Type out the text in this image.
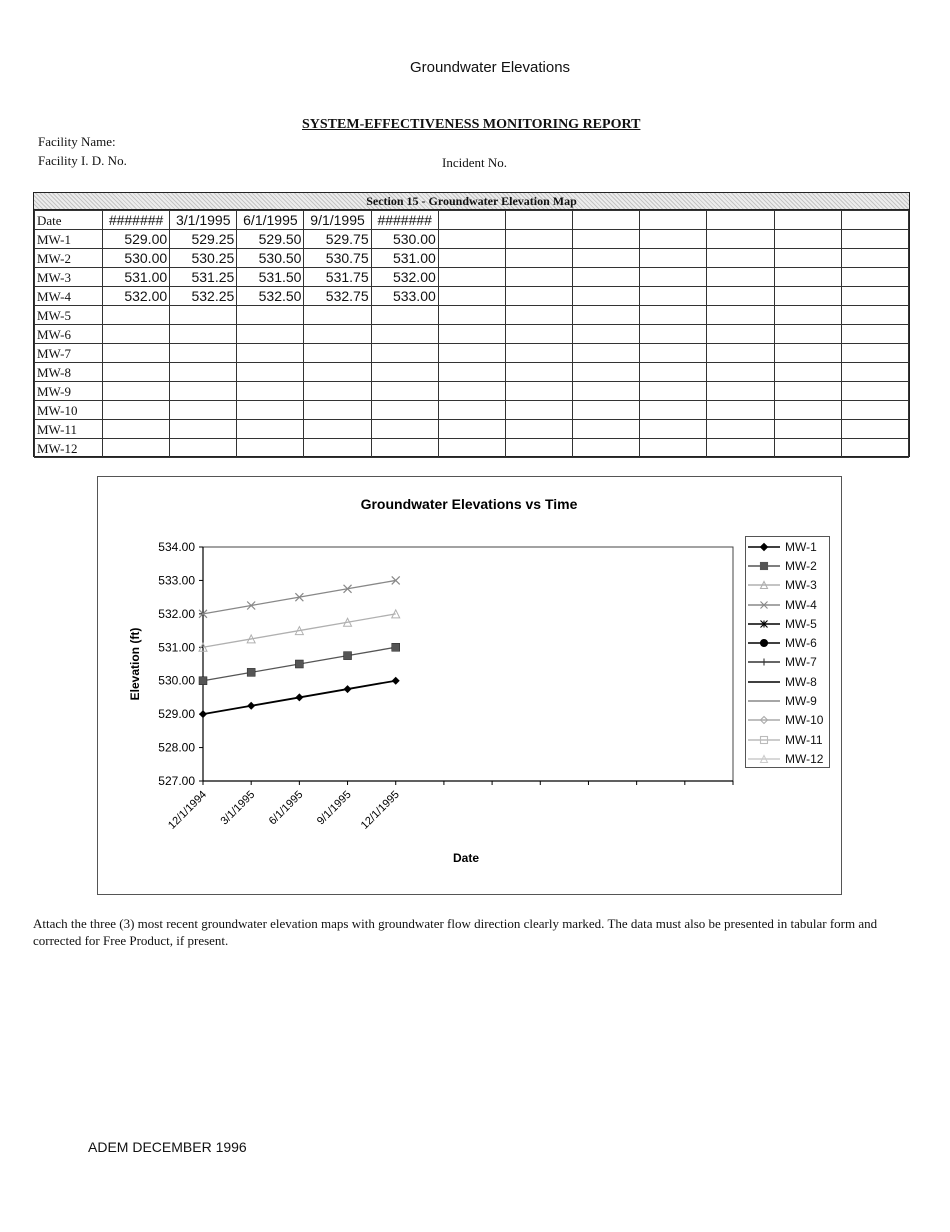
Groundwater Elevations
SYSTEM-EFFECTIVENESS MONITORING REPORT
Facility Name:
Facility I. D. No.	Incident No.
Section 15 - Groundwater Elevation Map
Date	#######	3/1/1995	6/1/1995	9/1/1995	#######							
MW-1	529.00	529.25	529.50	529.75	530.00							
MW-2	530.00	530.25	530.50	530.75	531.00							
MW-3	531.00	531.25	531.50	531.75	532.00							
MW-4	532.00	532.25	532.50	532.75	533.00							
MW-5												
MW-6												
MW-7												
MW-8												
MW-9												
MW-10												
MW-11												
MW-12												
Groundwater Elevations vs Time
Date
Elevation (ft)
527.00
528.00
529.00
530.00
531.00
532.00
533.00
534.00
12/1/1994 3/1/1995 6/1/1995 9/1/1995 12/1/1995
MW-1
MW-2
MW-3
MW-4
MW-5
MW-6
MW-7
MW-8
MW-9
MW-10
MW-11
MW-12
Attach the three (3) most recent groundwater elevation maps with groundwater flow direction clearly marked. The data must also be presented in tabular form and corrected for Free Product, if present.
ADEM DECEMBER 1996
